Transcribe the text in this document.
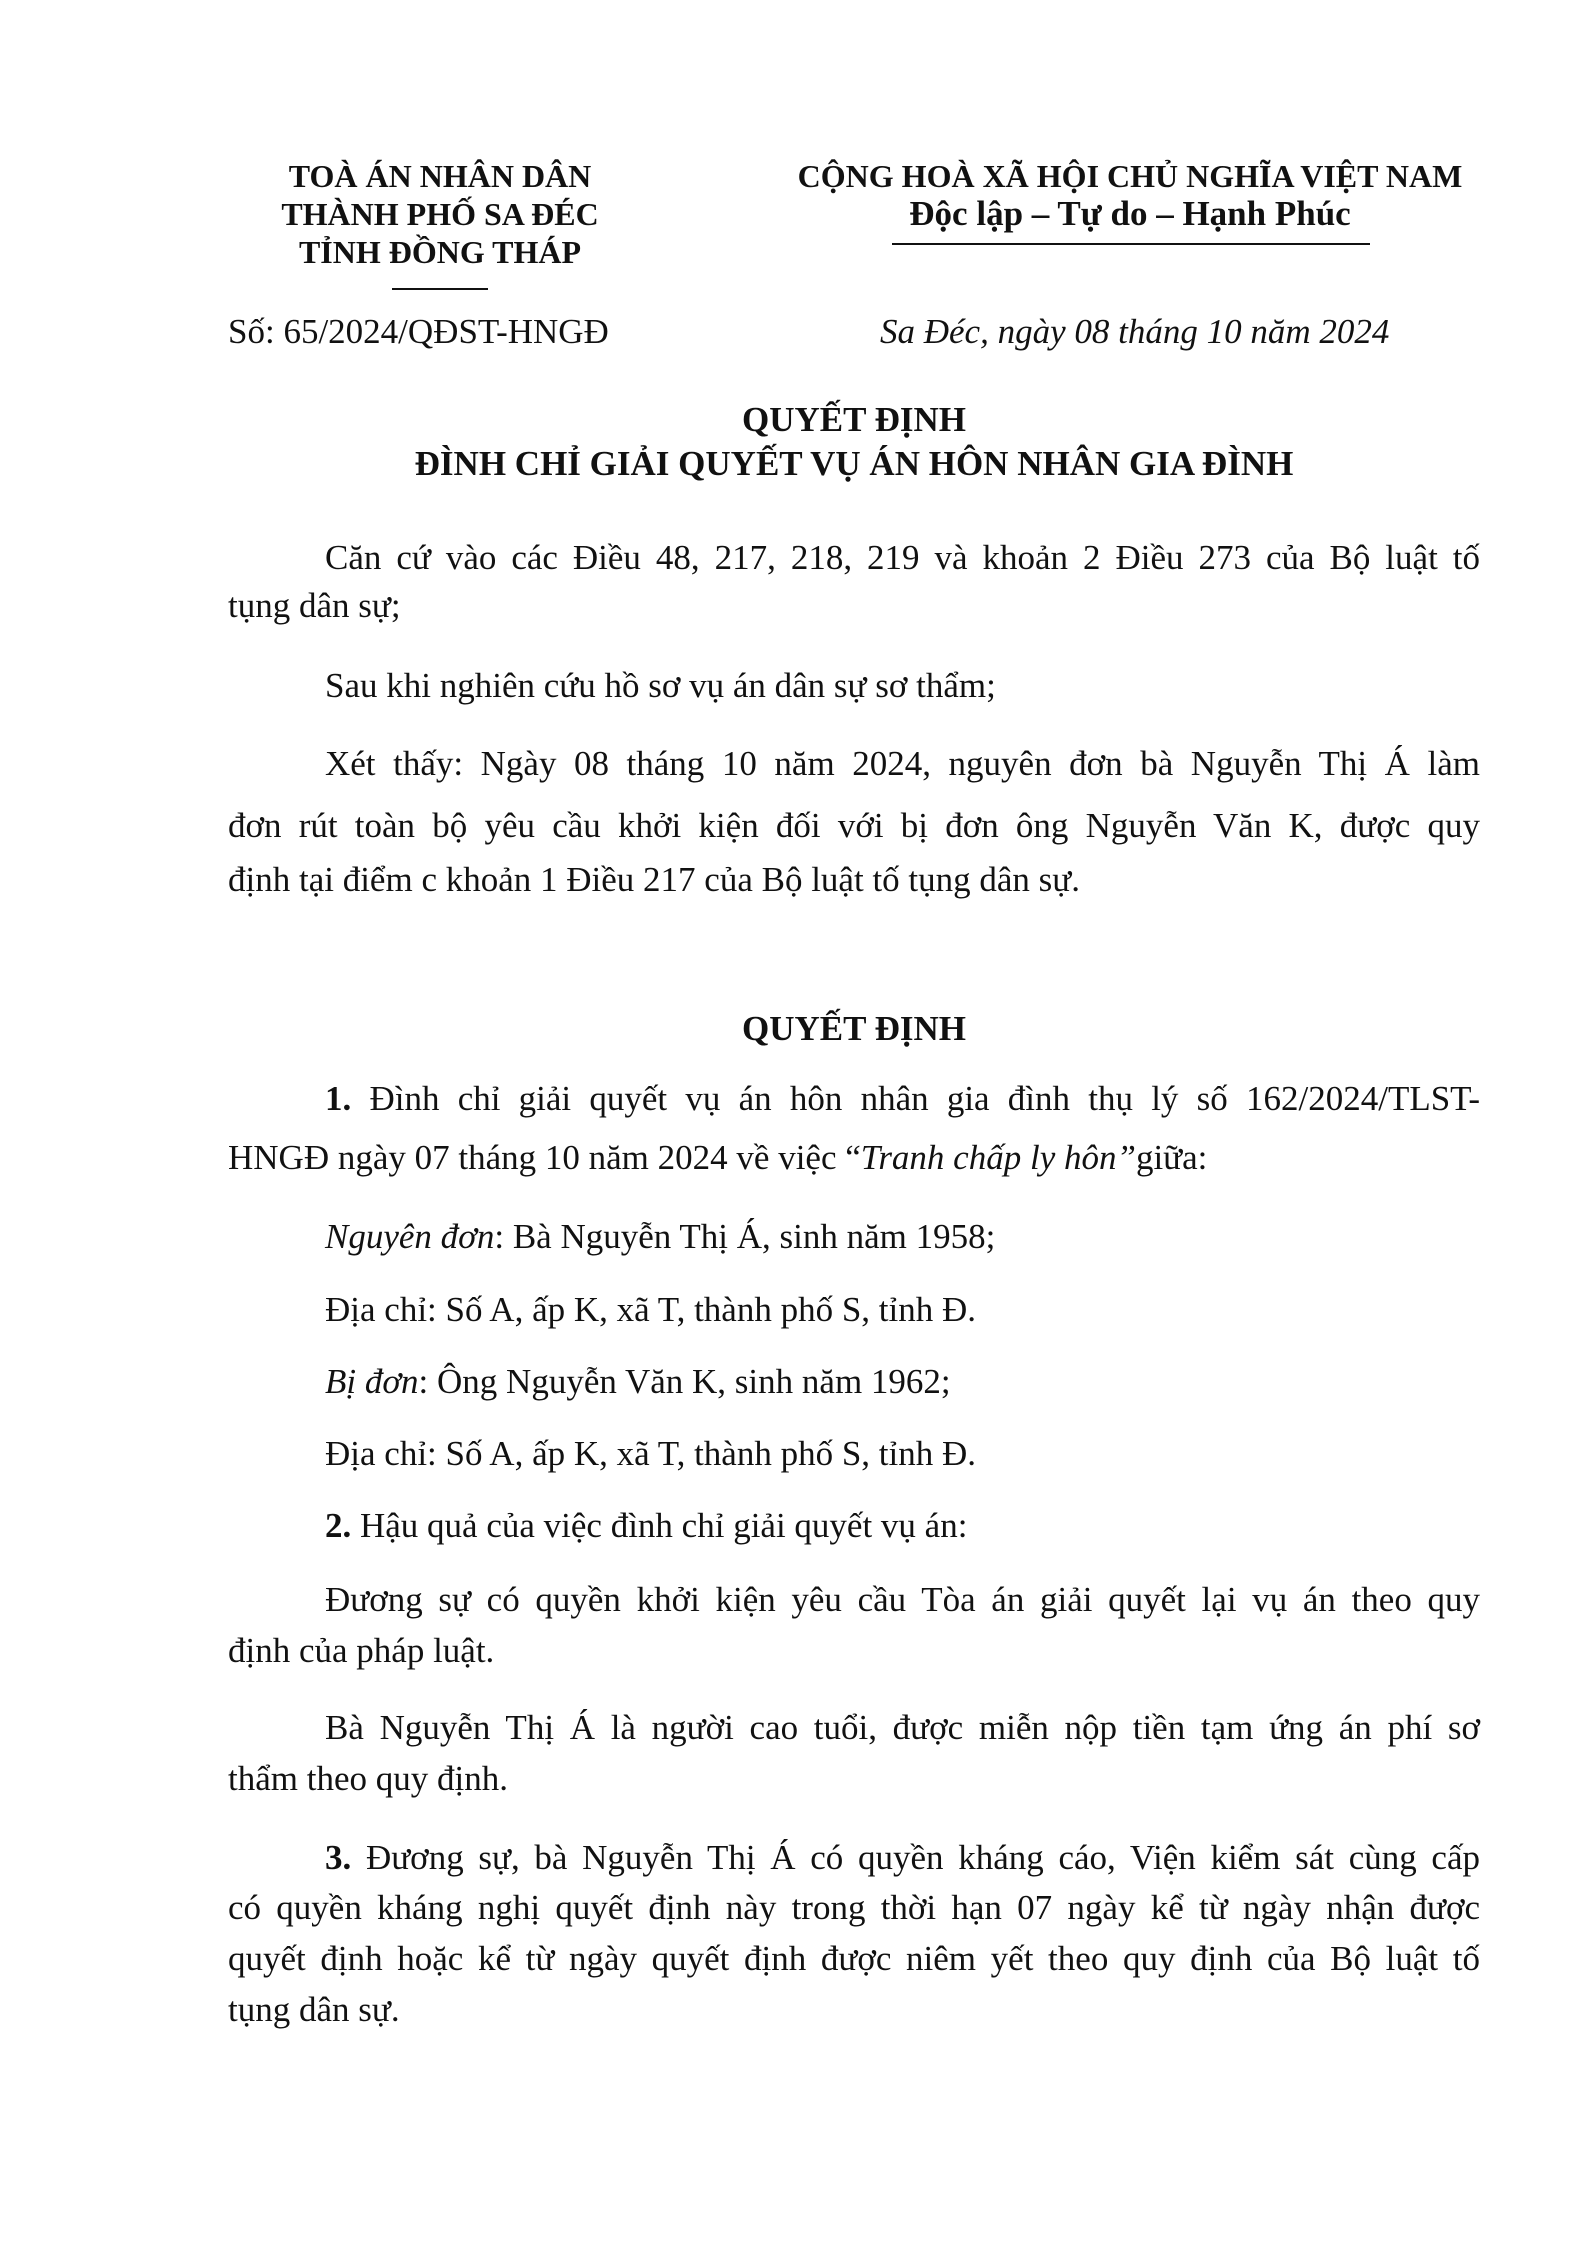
TOÀ ÁN NHÂN DÂN
THÀNH PHỐ SA ĐÉC
TỈNH ĐỒNG THÁP
CỘNG HOÀ XÃ HỘI CHỦ NGHĨA VIỆT NAM
Độc lập – Tự do – Hạnh Phúc
Số: 65/2024/QĐST-HNGĐ	Sa Đéc, ngày 08 tháng 10 năm 2024
QUYẾT ĐỊNH
ĐÌNH CHỈ GIẢI QUYẾT VỤ ÁN HÔN NHÂN GIA ĐÌNH
Căn cứ vào các Điều 48, 217, 218, 219 và khoản 2 Điều 273 của Bộ luật tố
tụng dân sự;
Sau khi nghiên cứu hồ sơ vụ án dân sự sơ thẩm;
Xét thấy: Ngày 08 tháng 10 năm 2024, nguyên đơn bà Nguyễn Thị Á làm
đơn rút toàn bộ yêu cầu khởi kiện đối với bị đơn ông Nguyễn Văn K, được quy
định tại điểm c khoản 1 Điều 217 của Bộ luật tố tụng dân sự.
QUYẾT ĐỊNH
1. Đình chỉ giải quyết vụ án hôn nhân gia đình thụ lý số 162/2024/TLST-
HNGĐ ngày 07 tháng 10 năm 2024 về việc “Tranh chấp ly hôn”giữa:
Nguyên đơn: Bà Nguyễn Thị Á, sinh năm 1958;
Địa chỉ: Số A, ấp K, xã T, thành phố S, tỉnh Đ.
Bị đơn: Ông Nguyễn Văn K, sinh năm 1962;
Địa chỉ: Số A, ấp K, xã T, thành phố S, tỉnh Đ.
2. Hậu quả của việc đình chỉ giải quyết vụ án:
Đương sự có quyền khởi kiện yêu cầu Tòa án giải quyết lại vụ án theo quy
định của pháp luật.
Bà Nguyễn Thị Á là người cao tuổi, được miễn nộp tiền tạm ứng án phí sơ
thẩm theo quy định.
3. Đương sự, bà Nguyễn Thị Á có quyền kháng cáo, Viện kiểm sát cùng cấp
có quyền kháng nghị quyết định này trong thời hạn 07 ngày kể từ ngày nhận được
quyết định hoặc kể từ ngày quyết định được niêm yết theo quy định của Bộ luật tố
tụng dân sự.
